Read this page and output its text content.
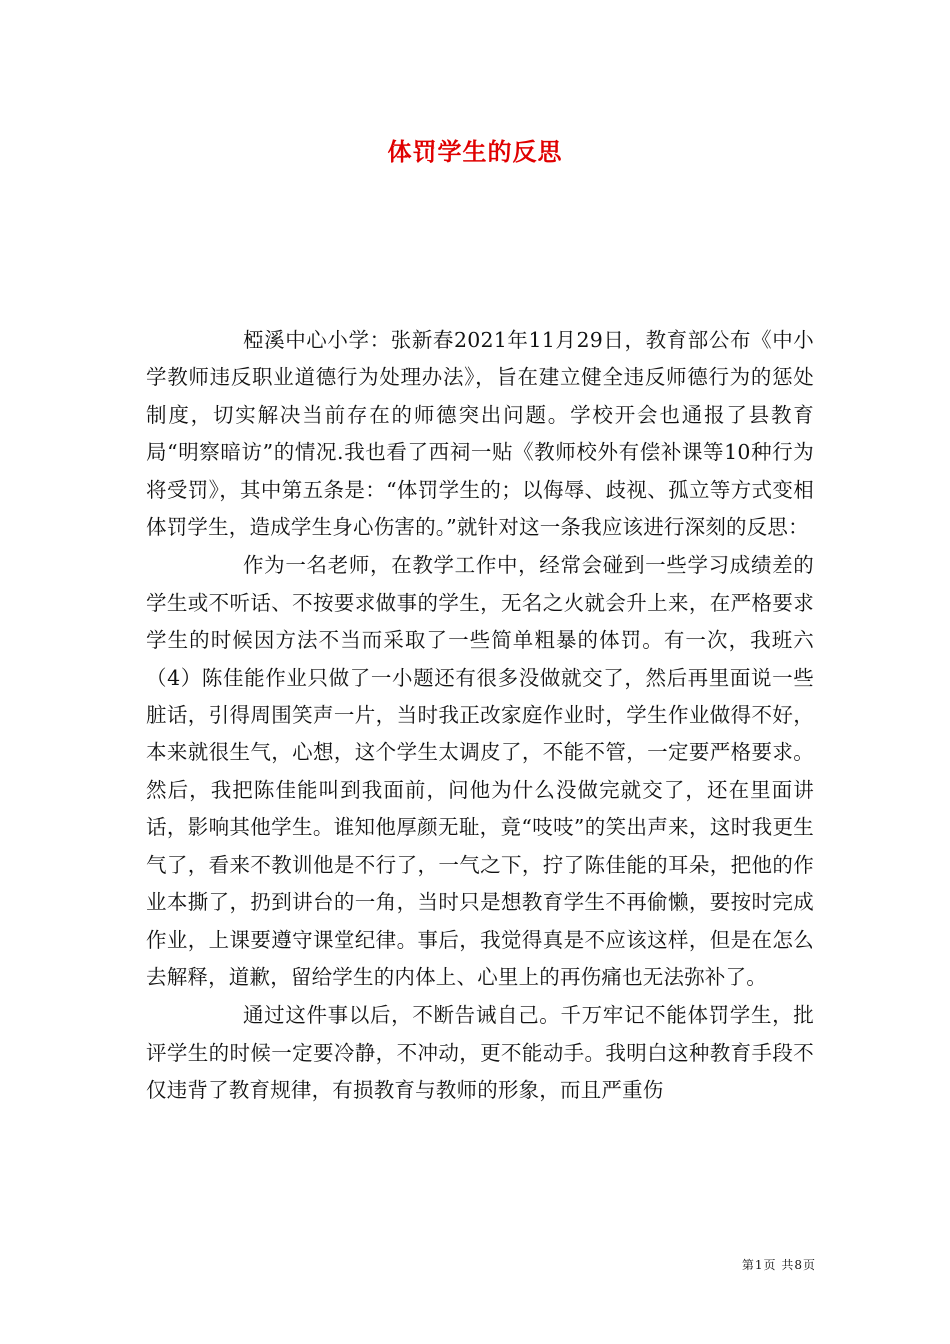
体罚学生的反思

椏溪中心小学：张新春2021年11月29日，教育部公布《中小学教师违反职业道德行为处理办法》，旨在建立健全违反师德行为的惩处制度，切实解决当前存在的师德突出问题。学校开会也通报了县教育局“明察暗访”的情况.我也看了西祠一贴《教师校外有偿补课等10种行为将受罚》，其中第五条是：“体罚学生的；以侮辱、歧视、孤立等方式变相体罚学生，造成学生身心伤害的。”就针对这一条我应该进行深刻的反思：

作为一名老师，在教学工作中，经常会碰到一些学习成绩差的学生或不听话、不按要求做事的学生，无名之火就会升上来，在严格要求学生的时候因方法不当而采取了一些简单粗暴的体罚。有一次，我班六（4）陈佳能作业只做了一小题还有很多没做就交了，然后再里面说一些脏话，引得周围笑声一片，当时我正改家庭作业时，学生作业做得不好，本来就很生气，心想，这个学生太调皮了，不能不管，一定要严格要求。然后，我把陈佳能叫到我面前，问他为什么没做完就交了，还在里面讲话，影响其他学生。谁知他厚颜无耻，竟“吱吱”的笑出声来，这时我更生气了，看来不教训他是不行了，一气之下，拧了陈佳能的耳朵，把他的作业本撕了，扔到讲台的一角，当时只是想教育学生不再偷懒，要按时完成作业，上课要遵守课堂纪律。事后，我觉得真是不应该这样，但是在怎么去解释，道歉，留给学生的内体上、心里上的再伤痛也无法弥补了。

通过这件事以后，不断告诫自己。千万牢记不能体罚学生，批评学生的时候一定要冷静，不冲动，更不能动手。我明白这种教育手段不仅违背了教育规律，有损教育与教师的形象，而且严重伤

第1页 共8页
